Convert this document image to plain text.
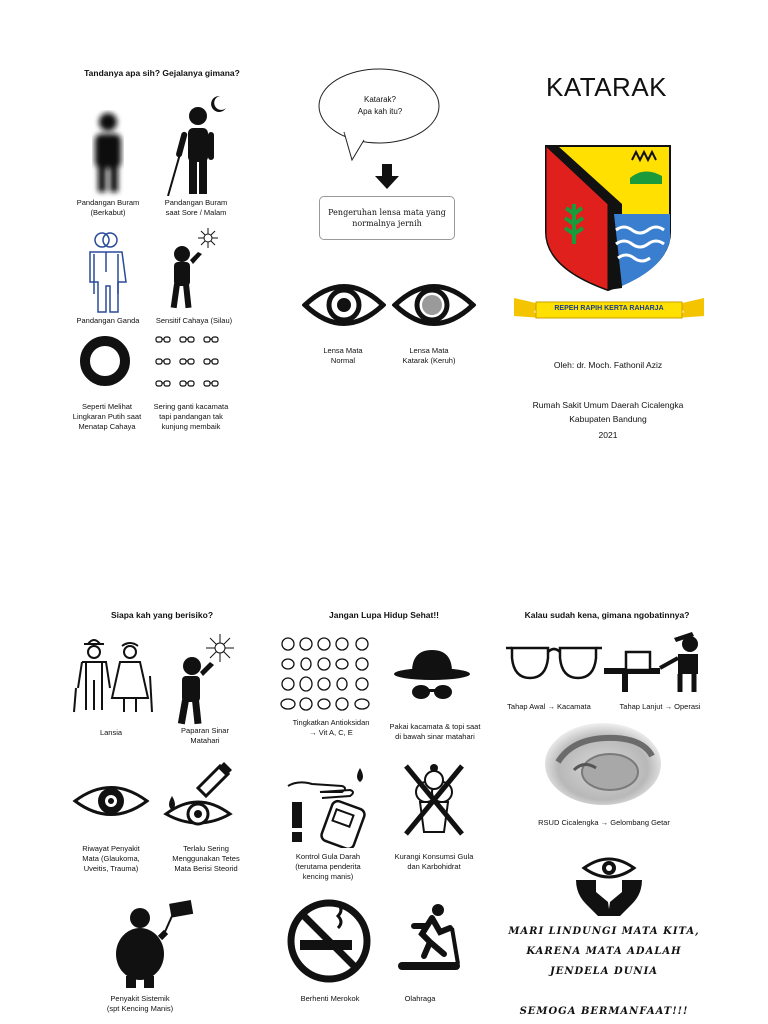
Tandanya apa sih? Gejalanya gimana?
Pandangan Buram
(Berkabut)
Pandangan Buram
saat Sore / Malam
Pandangan Ganda	Sensitif Cahaya (Silau)
Seperti Melihat
Lingkaran Putih saat
Menatap Cahaya
Sering ganti kacamata
tapi pandangan tak
kunjung membaik
Katarak?
Apa kah itu?
Pengeruhan lensa mata yang
normalnya jernih
Lensa Mata
Normal
Lensa Mata
Katarak (Keruh)
KATARAK
REPEH RAPIH KERTA RAHARJA
Oleh: dr. Moch. Fathonil Aziz
Rumah Sakit Umum Daerah Cicalengka
Kabupaten Bandung
2021
Siapa kah yang berisiko?
Lansia	Paparan Sinar
Matahari
Riwayat Penyakit
Mata (Glaukoma,
Uveitis, Trauma)
Terlalu Sering
Menggunakan Tetes
Mata Berisi Steorid
Penyakit Sistemik
(spt Kencing Manis)
Jangan Lupa Hidup Sehat!!
Tingkatkan Antioksidan
→ Vit A, C, E
Pakai kacamata & topi saat
di bawah sinar matahari
Kontrol Gula Darah
(terutama penderita
kencing manis)
Kurangi Konsumsi Gula
dan Karbohidrat
Berhenti Merokok	Olahraga
Kalau sudah kena, gimana ngobatinnya?
Tahap Awal → Kacamata	Tahap Lanjut → Operasi
RSUD Cicalengka → Gelombang Getar
MARI LINDUNGI MATA KITA,
KARENA MATA ADALAH
JENDELA DUNIA
SEMOGA BERMANFAAT!!!
